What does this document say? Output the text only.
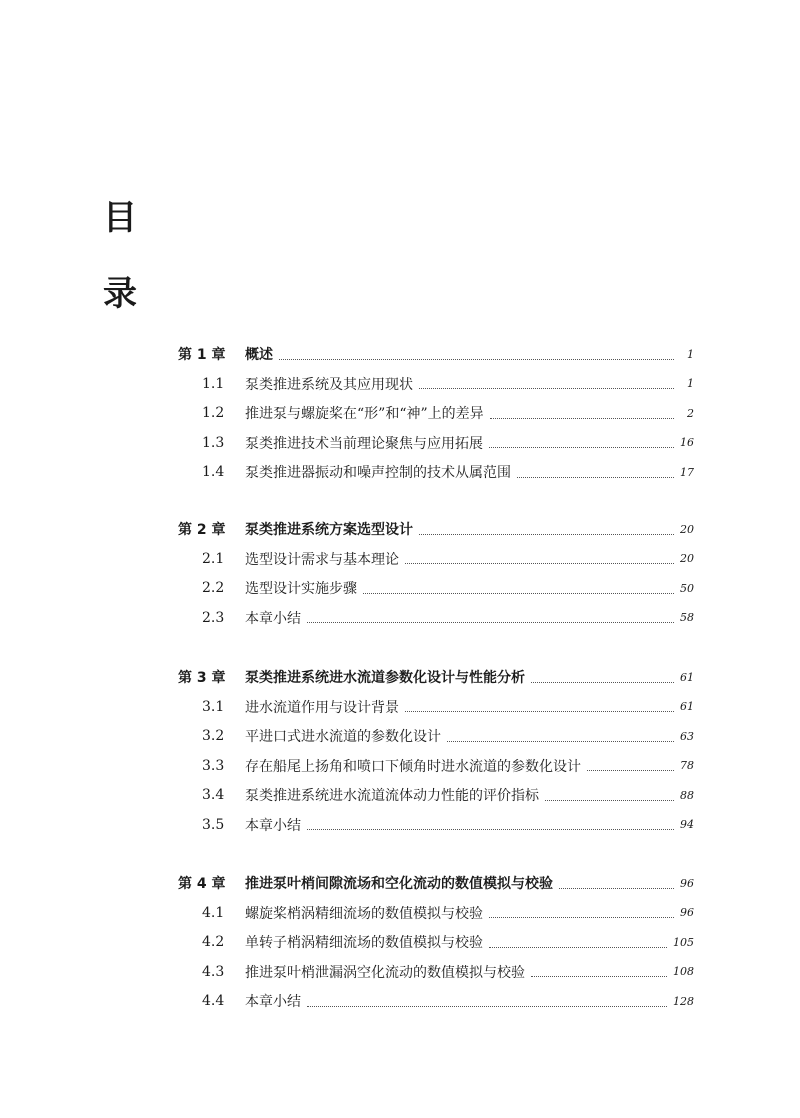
目
录
第 1 章	概述	1
1.1	泵类推进系统及其应用现状	1
1.2	推进泵与螺旋桨在“形”和“神”上的差异	2
1.3	泵类推进技术当前理论聚焦与应用拓展	16
1.4	泵类推进器振动和噪声控制的技术从属范围	17
第 2 章	泵类推进系统方案选型设计	20
2.1	选型设计需求与基本理论	20
2.2	选型设计实施步骤	50
2.3	本章小结	58
第 3 章	泵类推进系统进水流道参数化设计与性能分析	61
3.1	进水流道作用与设计背景	61
3.2	平进口式进水流道的参数化设计	63
3.3	存在船尾上扬角和喷口下倾角时进水流道的参数化设计	78
3.4	泵类推进系统进水流道流体动力性能的评价指标	88
3.5	本章小结	94
第 4 章	推进泵叶梢间隙流场和空化流动的数值模拟与校验	96
4.1	螺旋桨梢涡精细流场的数值模拟与校验	96
4.2	单转子梢涡精细流场的数值模拟与校验	105
4.3	推进泵叶梢泄漏涡空化流动的数值模拟与校验	108
4.4	本章小结	128
